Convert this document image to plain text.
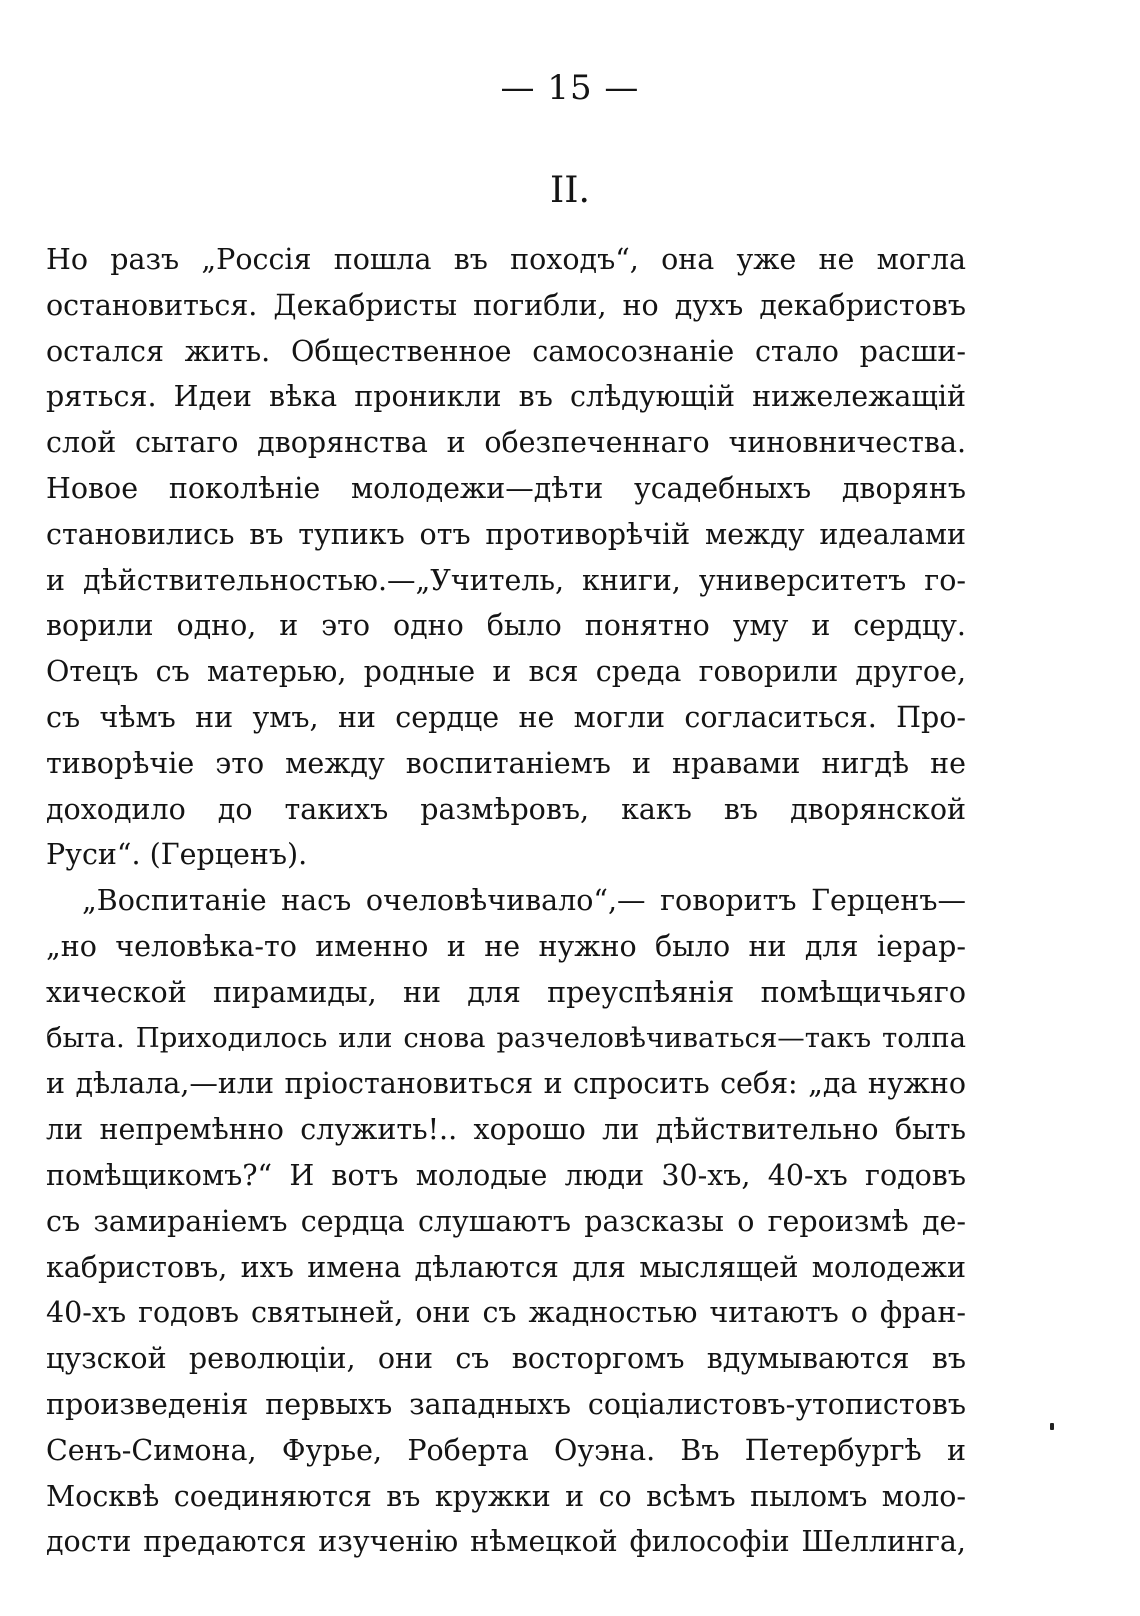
— 15 —
II.
Но разъ „Россія пошла въ походъ“, она уже не могла
остановиться. Декабристы погибли, но духъ декабристовъ
остался жить. Общественное самосознаніе стало расши-
ряться. Идеи вѣка проникли въ слѣдующій нижележащій
слой сытаго дворянства и обезпеченнаго чиновничества.
Новое поколѣніе молодежи—дѣти усадебныхъ дворянъ
становились въ тупикъ отъ противорѣчій между идеалами
и дѣйствительностью.—„Учитель, книги, университетъ го-
ворили одно, и это одно было понятно уму и сердцу.
Отецъ съ матерью, родные и вся среда говорили другое,
съ чѣмъ ни умъ, ни сердце не могли согласиться. Про-
тиворѣчіе это между воспитаніемъ и нравами нигдѣ не
доходило до такихъ размѣровъ, какъ въ дворянской
Руси“. (Герценъ).
„Воспитаніе насъ очеловѣчивало“,— говоритъ Герценъ—
„но человѣка-то именно и не нужно было ни для іерар-
хической пирамиды, ни для преуспѣянія помѣщичьяго
быта. Приходилось или снова разчеловѣчиваться—такъ толпа
и дѣлала,—или пріостановиться и спросить себя: „да нужно
ли непремѣнно служить!.. хорошо ли дѣйствительно быть
помѣщикомъ?“ И вотъ молодые люди 30-хъ, 40-хъ годовъ
съ замираніемъ сердца слушаютъ разсказы о героизмѣ де-
кабристовъ, ихъ имена дѣлаются для мыслящей молодежи
40-хъ годовъ святыней, они съ жадностью читаютъ о фран-
цузской революціи, они съ восторгомъ вдумываются въ
произведенія первыхъ западныхъ соціалистовъ-утопистовъ
Сенъ-Симона, Фурье, Роберта Оуэна. Въ Петербургѣ и
Москвѣ соединяются въ кружки и со всѣмъ пыломъ моло-
дости предаются изученію нѣмецкой философіи Шеллинга,
